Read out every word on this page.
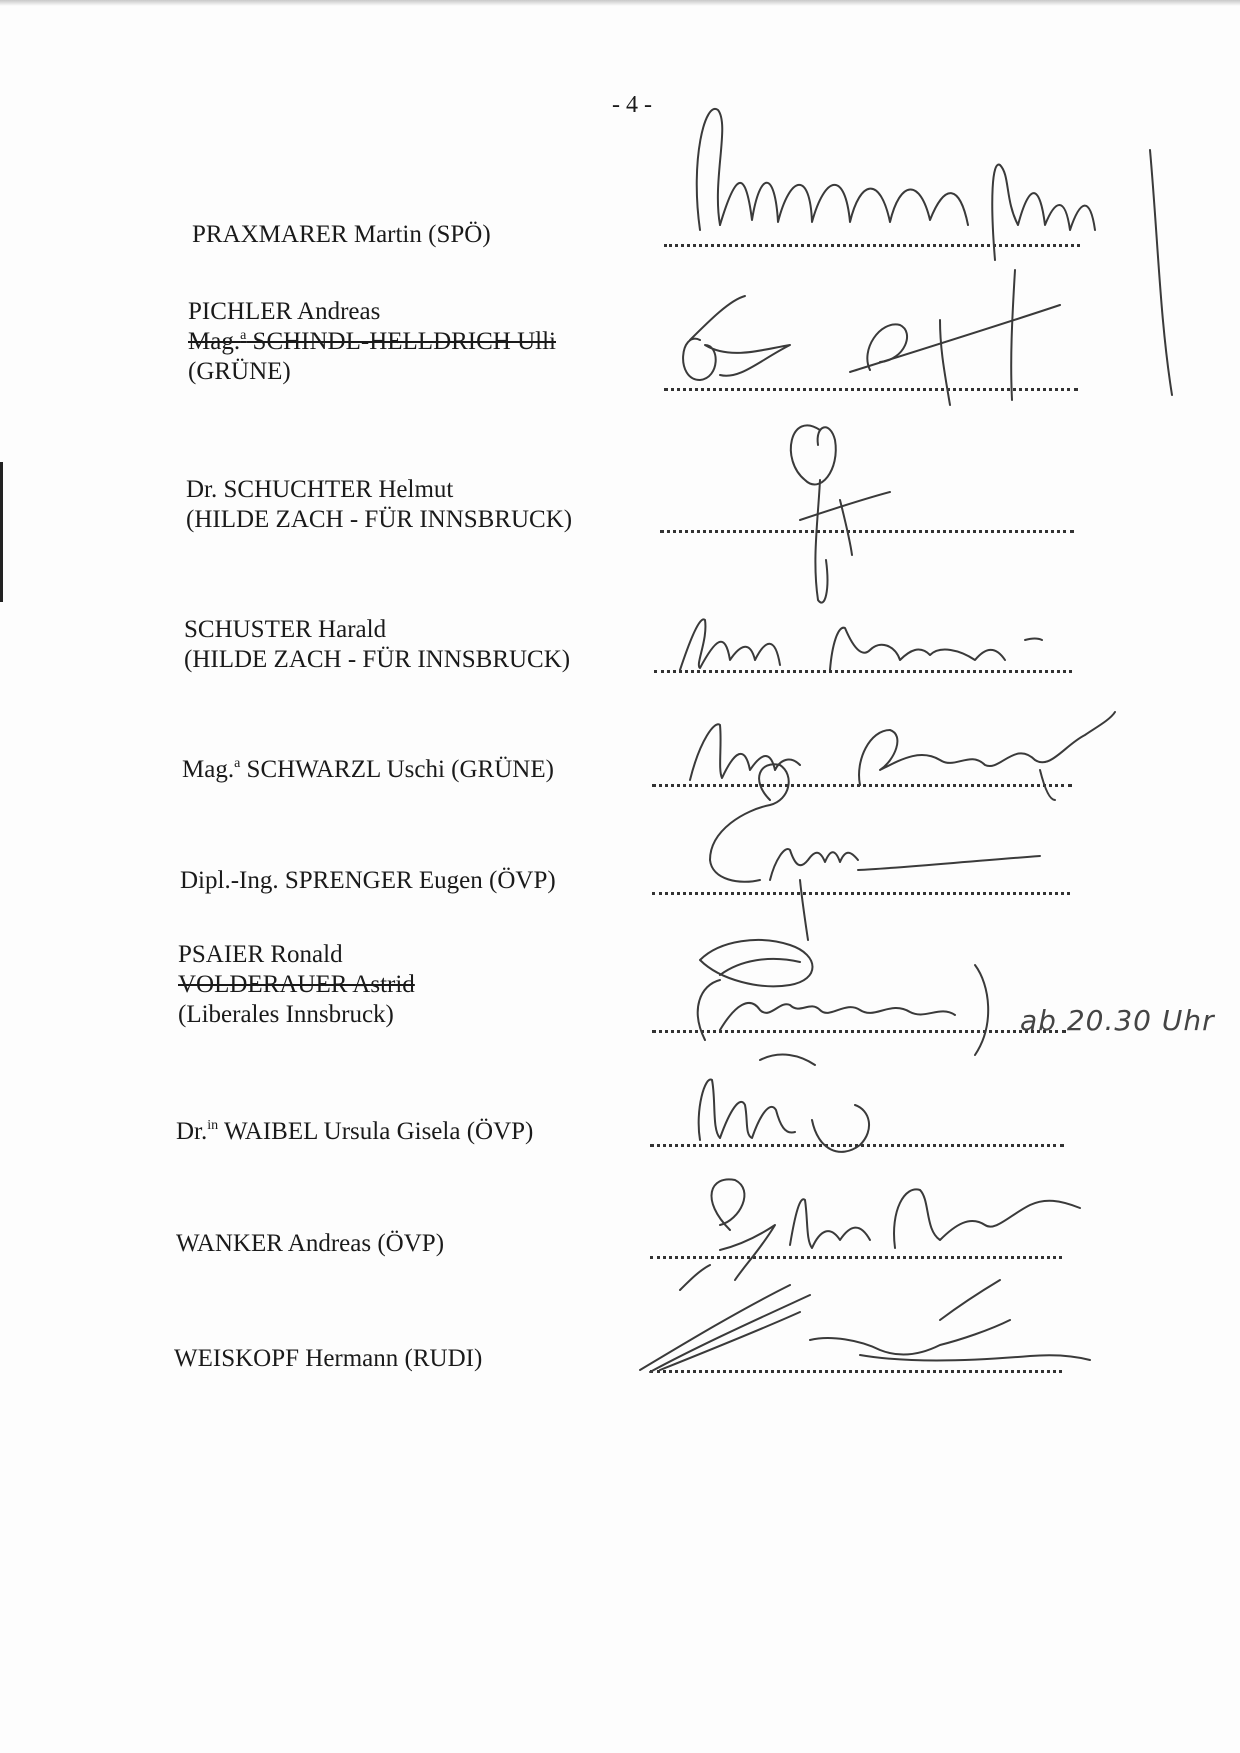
- 4 -
PRAXMARER Martin (SPÖ)
PICHLER Andreas
Mag.$^a$ SCHINDL-HELLDRICH Ulli
(GRÜNE)
Dr. SCHUCHTER Helmut
(HILDE ZACH - FÜR INNSBRUCK)
SCHUSTER Harald
(HILDE ZACH - FÜR INNSBRUCK)
Mag.$^a$ SCHWARZL Uschi (GRÜNE)
Dipl.-Ing. SPRENGER Eugen (ÖVP)
PSAIER Ronald
VOLDERAUER Astrid
(Liberales Innsbruck)
Dr.$^{in}$ WAIBEL Ursula Gisela (ÖVP)
WANKER Andreas (ÖVP)
WEISKOPF Hermann (RUDI)
ab 20.30 Uhr
